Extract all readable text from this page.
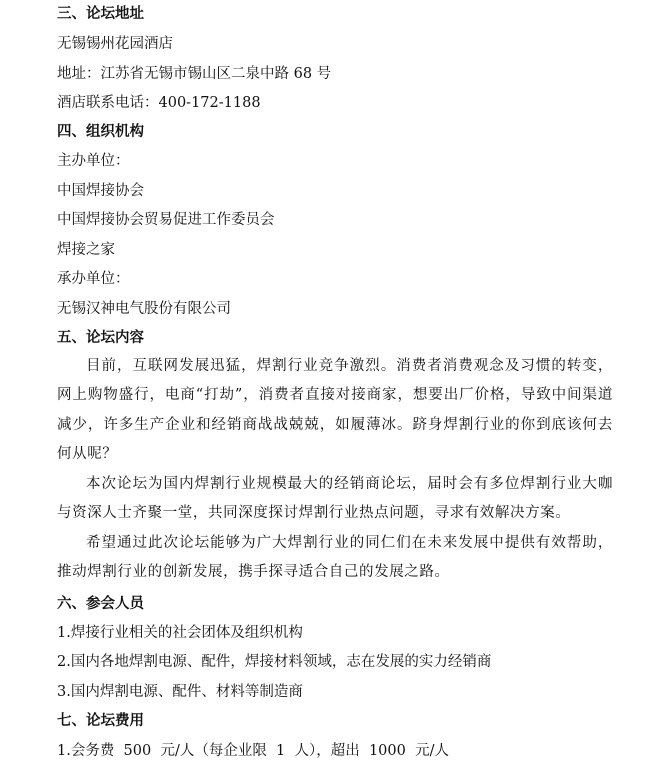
三、论坛地址
无锡锡州花园酒店
地址：江苏省无锡市锡山区二泉中路 68 号
酒店联系电话：400-172-1188
四、组织机构
主办单位：
中国焊接协会
中国焊接协会贸易促进工作委员会
焊接之家
承办单位：
无锡汉神电气股份有限公司
五、论坛内容
目前，互联网发展迅猛，焊割行业竞争激烈。消费者消费观念及习惯的转变，网上购物盛行，电商“打劫”，消费者直接对接商家，想要出厂价格，导致中间渠道减少，许多生产企业和经销商战战兢兢，如履薄冰。跻身焊割行业的你到底该何去何从呢？
本次论坛为国内焊割行业规模最大的经销商论坛，届时会有多位焊割行业大咖与资深人士齐聚一堂，共同深度探讨焊割行业热点问题，寻求有效解决方案。
希望通过此次论坛能够为广大焊割行业的同仁们在未来发展中提供有效帮助，推动焊割行业的创新发展，携手探寻适合自己的发展之路。
六、参会人员
1.焊接行业相关的社会团体及组织机构
2.国内各地焊割电源、配件，焊接材料领域，志在发展的实力经销商
3.国内焊割电源、配件、材料等制造商
七、论坛费用
1.会务费  500  元/人（每企业限  1  人），超出  1000  元/人
